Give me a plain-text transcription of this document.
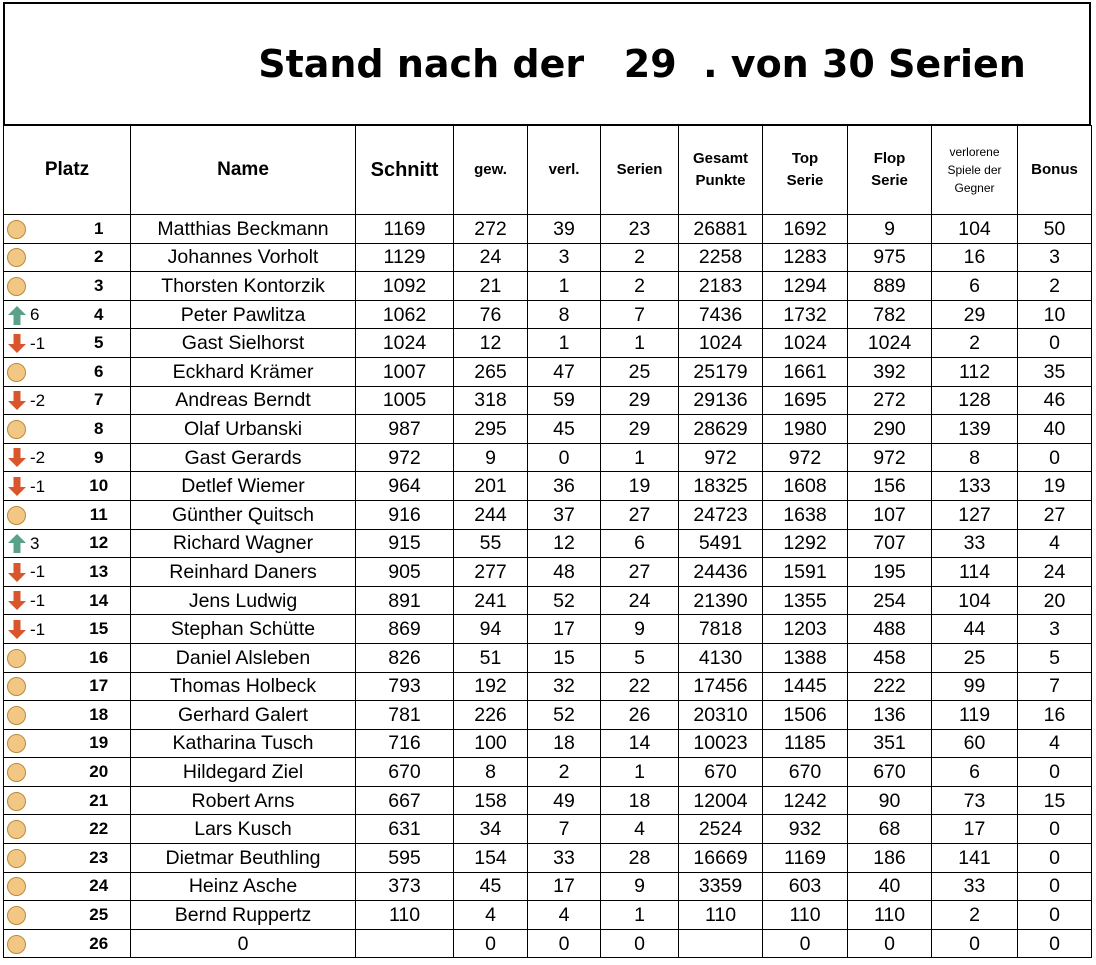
Stand nach der 29 . von 30 Serien
Platz		Name	Schnitt	gew.	verl.	Serien	Gesamt Punkte	Top Serie	Flop Serie	verlorene Spiele der Gegner	Bonus
	1	Matthias Beckmann	1169	272	39	23	26881	1692	9	104	50
	2	Johannes Vorholt	1129	24	3	2	2258	1283	975	16	3
	3	Thorsten Kontorzik	1092	21	1	2	2183	1294	889	6	2
6	4	Peter Pawlitza	1062	76	8	7	7436	1732	782	29	10
-1	5	Gast Sielhorst	1024	12	1	1	1024	1024	1024	2	0
	6	Eckhard Krämer	1007	265	47	25	25179	1661	392	112	35
-2	7	Andreas Berndt	1005	318	59	29	29136	1695	272	128	46
	8	Olaf Urbanski	987	295	45	29	28629	1980	290	139	40
-2	9	Gast Gerards	972	9	0	1	972	972	972	8	0
-1	10	Detlef Wiemer	964	201	36	19	18325	1608	156	133	19
	11	Günther Quitsch	916	244	37	27	24723	1638	107	127	27
3	12	Richard Wagner	915	55	12	6	5491	1292	707	33	4
-1	13	Reinhard Daners	905	277	48	27	24436	1591	195	114	24
-1	14	Jens Ludwig	891	241	52	24	21390	1355	254	104	20
-1	15	Stephan Schütte	869	94	17	9	7818	1203	488	44	3
	16	Daniel Alsleben	826	51	15	5	4130	1388	458	25	5
	17	Thomas Holbeck	793	192	32	22	17456	1445	222	99	7
	18	Gerhard Galert	781	226	52	26	20310	1506	136	119	16
	19	Katharina Tusch	716	100	18	14	10023	1185	351	60	4
	20	Hildegard Ziel	670	8	2	1	670	670	670	6	0
	21	Robert Arns	667	158	49	18	12004	1242	90	73	15
	22	Lars Kusch	631	34	7	4	2524	932	68	17	0
	23	Dietmar Beuthling	595	154	33	28	16669	1169	186	141	0
	24	Heinz Asche	373	45	17	9	3359	603	40	33	0
	25	Bernd Ruppertz	110	4	4	1	110	110	110	2	0
	26	0		0	0	0		0	0	0	0
